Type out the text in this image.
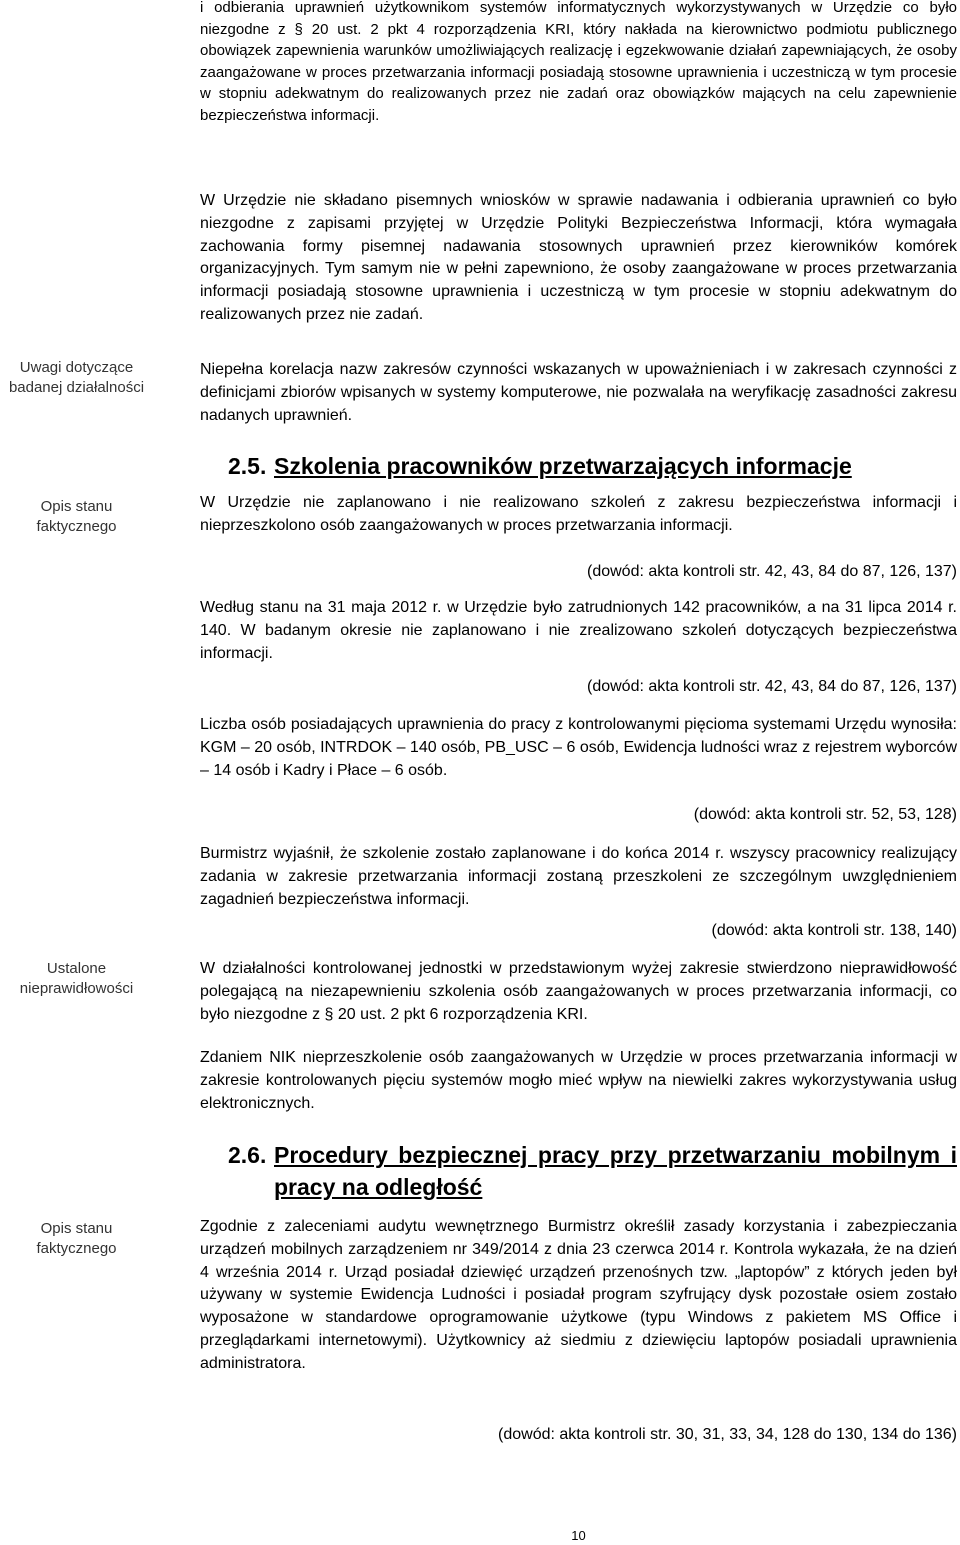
Uwagi dotyczące badanej działalności
Opis stanu faktycznego
Ustalone nieprawidłowości
Opis stanu faktycznego

i odbierania uprawnień użytkownikom systemów informatycznych wykorzystywanych w Urzędzie co było niezgodne z § 20 ust. 2 pkt 4 rozporządzenia KRI, który nakłada na kierownictwo podmiotu publicznego obowiązek zapewnienia warunków umożliwiających realizację i egzekwowanie działań zapewniających, że osoby zaangażowane w proces przetwarzania informacji posiadają stosowne uprawnienia i uczestniczą w tym procesie w stopniu adekwatnym do realizowanych przez nie zadań oraz obowiązków mających na celu zapewnienie bezpieczeństwa informacji.

W Urzędzie nie składano pisemnych wniosków w sprawie nadawania i odbierania uprawnień co było niezgodne z zapisami przyjętej w Urzędzie Polityki Bezpieczeństwa Informacji, która wymagała zachowania formy pisemnej nadawania stosownych uprawnień przez kierowników komórek organizacyjnych. Tym samym nie w pełni zapewniono, że osoby zaangażowane w proces przetwarzania informacji posiadają stosowne uprawnienia i uczestniczą w tym procesie w stopniu adekwatnym do realizowanych przez nie zadań.

Niepełna korelacja nazw zakresów czynności wskazanych w upoważnieniach i w zakresach czynności z definicjami zbiorów wpisanych w systemy komputerowe, nie pozwalała na weryfikację zasadności zakresu nadanych uprawnień.

2.5. Szkolenia pracowników przetwarzających informacje

W Urzędzie nie zaplanowano i nie realizowano szkoleń z zakresu bezpieczeństwa informacji i nieprzeszkolono osób zaangażowanych w proces przetwarzania informacji.

(dowód: akta kontroli str. 42, 43, 84 do 87, 126, 137)

Według stanu na 31 maja 2012 r. w Urzędzie było zatrudnionych 142 pracowników, a na 31 lipca 2014 r. 140. W badanym okresie nie zaplanowano i nie zrealizowano szkoleń dotyczących bezpieczeństwa informacji.

(dowód: akta kontroli str. 42, 43, 84 do 87, 126, 137)

Liczba osób posiadających uprawnienia do pracy z kontrolowanymi pięcioma systemami Urzędu wynosiła: KGM – 20 osób, INTRDOK – 140 osób, PB_USC – 6 osób, Ewidencja ludności wraz z rejestrem wyborców – 14 osób i Kadry i Płace – 6 osób.

(dowód: akta kontroli str. 52, 53, 128)

Burmistrz wyjaśnił, że szkolenie zostało zaplanowane i do końca 2014 r. wszyscy pracownicy realizujący zadania w zakresie przetwarzania informacji zostaną przeszkoleni ze szczególnym uwzględnieniem zagadnień bezpieczeństwa informacji.

(dowód: akta kontroli str. 138, 140)

W działalności kontrolowanej jednostki w przedstawionym wyżej zakresie stwierdzono nieprawidłowość polegającą na niezapewnieniu szkolenia osób zaangażowanych w proces przetwarzania informacji, co było niezgodne z § 20 ust. 2 pkt 6 rozporządzenia KRI.

Zdaniem NIK nieprzeszkolenie osób zaangażowanych w Urzędzie w proces przetwarzania informacji w zakresie kontrolowanych pięciu systemów mogło mieć wpływ na niewielki zakres wykorzystywania usług elektronicznych.

2.6. Procedury bezpiecznej pracy przy przetwarzaniu mobilnym i pracy na odległość

Zgodnie z zaleceniami audytu wewnętrznego Burmistrz określił zasady korzystania i zabezpieczania urządzeń mobilnych zarządzeniem nr 349/2014 z dnia 23 czerwca 2014 r. Kontrola wykazała, że na dzień 4 września 2014 r. Urząd posiadał dziewięć urządzeń przenośnych tzw. „laptopów” z których jeden był używany w systemie Ewidencja Ludności i posiadał program szyfrujący dysk pozostałe osiem zostało wyposażone w standardowe oprogramowanie użytkowe (typu Windows z pakietem MS Office i przeglądarkami internetowymi). Użytkownicy aż siedmiu z dziewięciu laptopów posiadali uprawnienia administratora.

(dowód: akta kontroli str. 30, 31, 33, 34, 128 do 130, 134 do 136)

10
